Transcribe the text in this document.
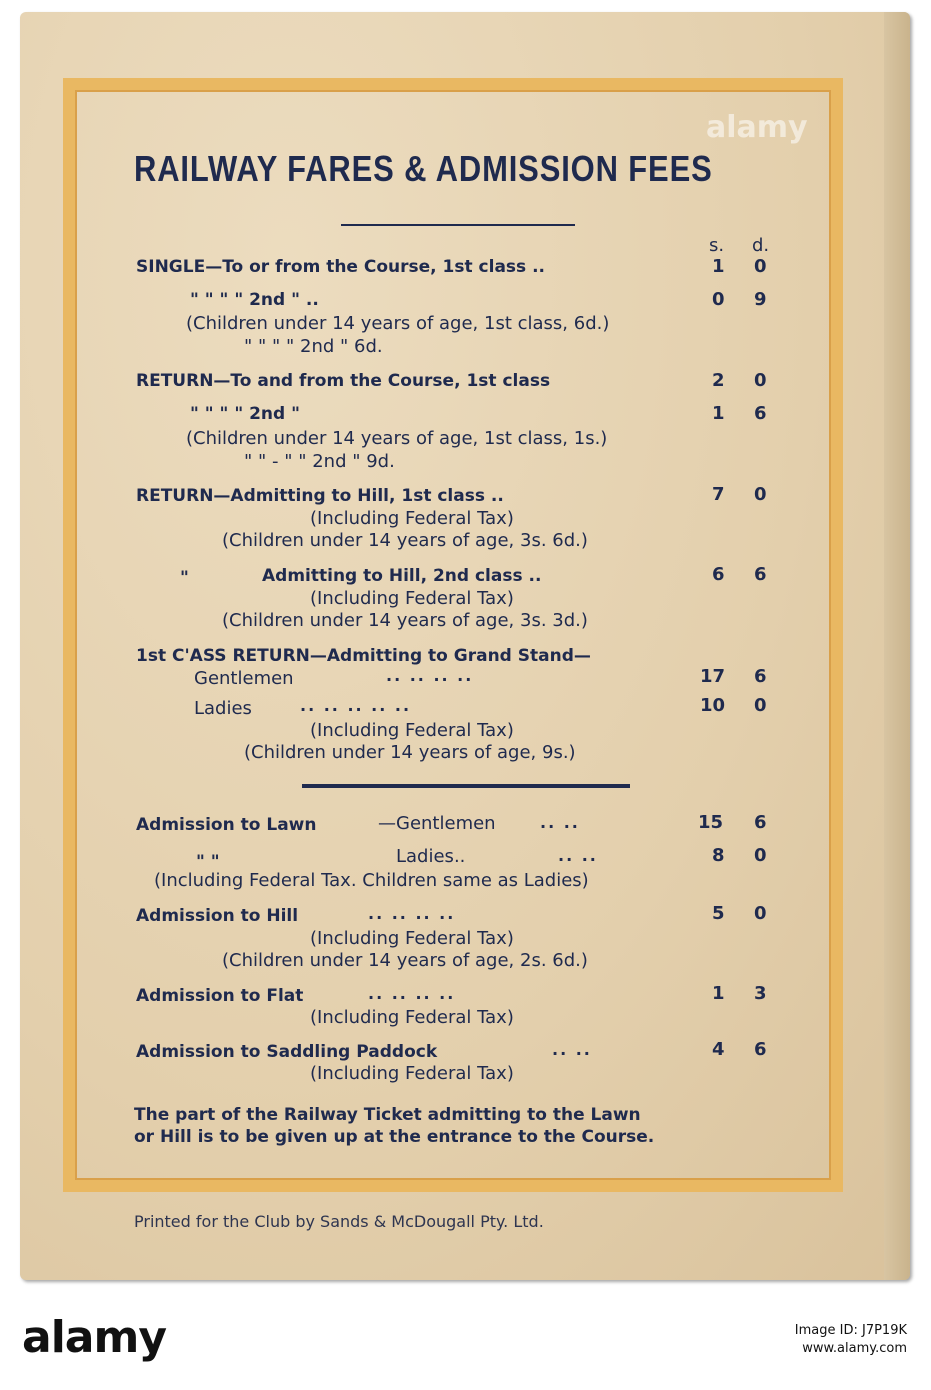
RAILWAY FARES & ADMISSION FEES
s. d.
SINGLE—To or from the Course, 1st class ..	1 0
" " " " 2nd " ..	0 9
(Children under 14 years of age, 1st class, 6d.)
" " " " 2nd " 6d.
RETURN—To and from the Course, 1st class	2 0
" " " " 2nd "	1 6
(Children under 14 years of age, 1st class, 1s.)
" " - " " 2nd " 9d.
RETURN—Admitting to Hill, 1st class ..	7 0
(Including Federal Tax)
(Children under 14 years of age, 3s. 6d.)
"	Admitting to Hill, 2nd class ..	6 6
(Including Federal Tax)
(Children under 14 years of age, 3s. 3d.)
1st C'ASS RETURN—Admitting to Grand Stand—
Gentlemen	.. .. .. ..	17 6
Ladies	.. .. .. .. ..	10 0
(Including Federal Tax)
(Children under 14 years of age, 9s.)
Admission to Lawn	—Gentlemen	.. ..	15 6
" "	Ladies..	.. ..	8 0
(Including Federal Tax. Children same as Ladies)
Admission to Hill	.. .. .. ..	5 0
(Including Federal Tax)
(Children under 14 years of age, 2s. 6d.)
Admission to Flat	.. .. .. ..	1 3
(Including Federal Tax)
Admission to Saddling Paddock	.. ..	4 6
(Including Federal Tax)
The part of the Railway Ticket admitting to the Lawn
or Hill is to be given up at the entrance to the Course.
Printed for the Club by Sands & McDougall Pty. Ltd.
alamy
alamy	Image ID: J7P19K
www.alamy.com
